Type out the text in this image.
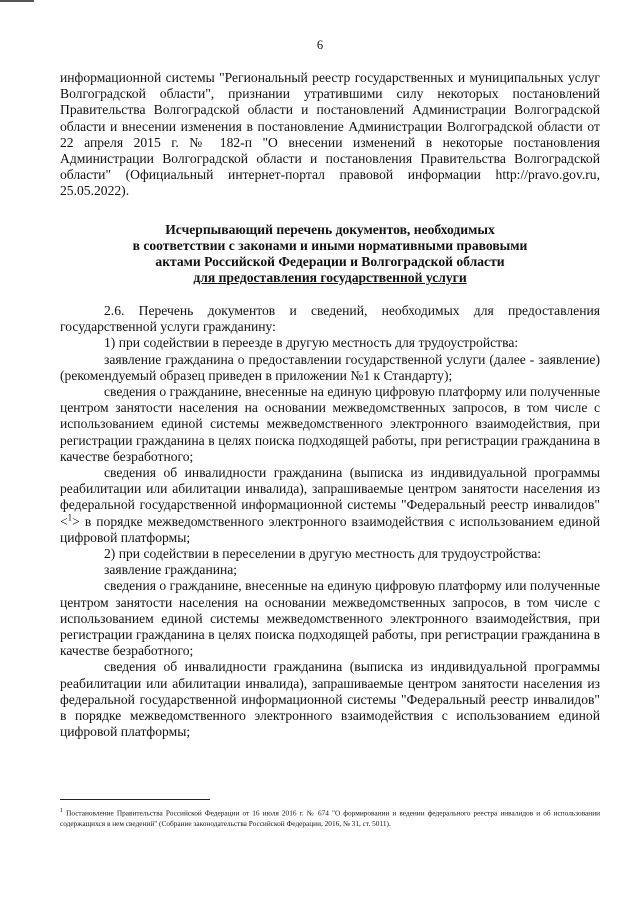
6

информационной системы "Региональный реестр государственных и муниципальных услуг Волгоградской области", признании утратившими силу некоторых постановлений Правительства Волгоградской области и постановлений Администрации Волгоградской области и внесении изменения в постановление Администрации Волгоградской области от 22 апреля 2015 г. № 182-п "О внесении изменений в некоторые постановления Администрации Волгоградской области и постановления Правительства Волгоградской области" (Официальный интернет-портал правовой информации http://pravo.gov.ru, 25.05.2022).

Исчерпывающий перечень документов, необходимых
в соответствии с законами и иными нормативными правовыми
актами Российской Федерации и Волгоградской области
для предоставления государственной услуги

2.6. Перечень документов и сведений, необходимых для предоставления государственной услуги гражданину:

1) при содействии в переезде в другую местность для трудоустройства:

заявление гражданина о предоставлении государственной услуги (далее - заявление) (рекомендуемый образец приведен в приложении №1 к Стандарту);

сведения о гражданине, внесенные на единую цифровую платформу или полученные центром занятости населения на основании межведомственных запросов, в том числе с использованием единой системы межведомственного электронного взаимодействия, при регистрации гражданина в целях поиска подходящей работы, при регистрации гражданина в качестве безработного;

сведения об инвалидности гражданина (выписка из индивидуальной программы реабилитации или абилитации инвалида), запрашиваемые центром занятости населения из федеральной государственной информационной системы "Федеральный реестр инвалидов" <$^1$> в порядке межведомственного электронного взаимодействия с использованием единой цифровой платформы;

2) при содействии в переселении в другую местность для трудоустройства:

заявление гражданина;

сведения о гражданине, внесенные на единую цифровую платформу или полученные центром занятости населения на основании межведомственных запросов, в том числе с использованием единой системы межведомственного электронного взаимодействия, при регистрации гражданина в целях поиска подходящей работы, при регистрации гражданина в качестве безработного;

сведения об инвалидности гражданина (выписка из индивидуальной программы реабилитации или абилитации инвалида), запрашиваемые центром занятости населения из федеральной государственной информационной системы "Федеральный реестр инвалидов" в порядке межведомственного электронного взаимодействия с использованием единой цифровой платформы;

$^1$ Постановление Правительства Российской Федерации от 16 июля 2016 г. № 674 "О формировании и ведении федерального реестра инвалидов и об использовании содержащихся в нем сведений" (Собрание законодательства Российской Федерации, 2016, № 31, ст. 5011).
